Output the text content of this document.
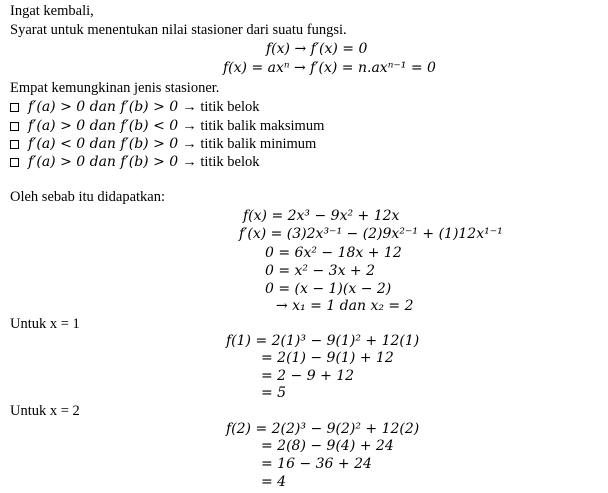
Ingat kembali,
Syarat untuk menentukan nilai stasioner dari suatu fungsi.
f(x) → f′(x) = 0
f(x) = axⁿ → f′(x) = n.axⁿ⁻¹ = 0
Empat kemungkinan jenis stasioner.
f′(a) > 0 dan f′(b) > 0 → titik belok
f′(a) > 0 dan f′(b) < 0 → titik balik maksimum
f′(a) < 0 dan f′(b) > 0 → titik balik minimum
f′(a) > 0 dan f′(b) > 0 → titik belok
Oleh sebab itu didapatkan:
f(x) = 2x³ − 9x² + 12x
f′(x) = (3)2x³⁻¹ − (2)9x²⁻¹ + (1)12x¹⁻¹
0 = 6x² − 18x + 12
0 = x² − 3x + 2
0 = (x − 1)(x − 2)
→ x₁ = 1 dan x₂ = 2
Untuk x = 1
f(1) = 2(1)³ − 9(1)² + 12(1)
= 2(1) − 9(1) + 12
= 2 − 9 + 12
= 5
Untuk x = 2
f(2) = 2(2)³ − 9(2)² + 12(2)
= 2(8) − 9(4) + 24
= 16 − 36 + 24
= 4
